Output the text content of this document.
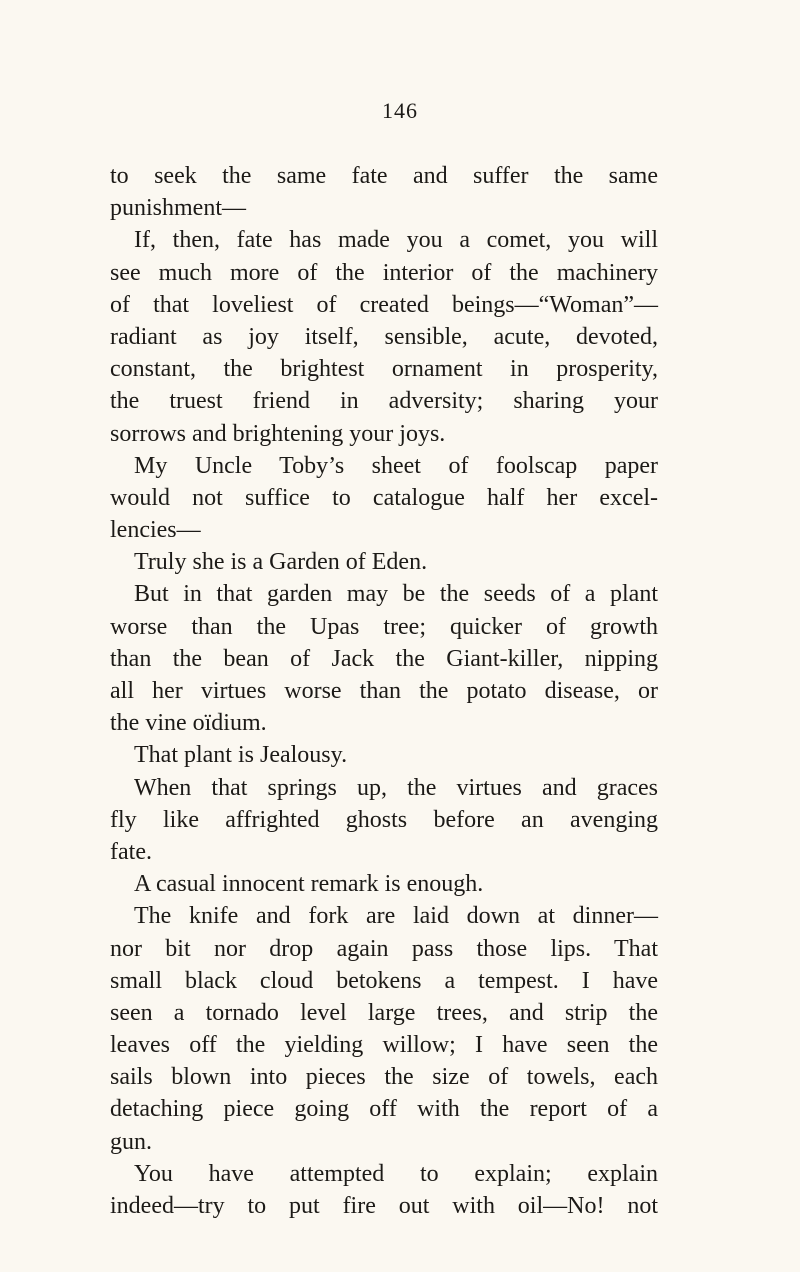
146
to seek the same fate and suffer the same
punishment—
If, then, fate has made you a comet, you will
see much more of the interior of the machinery
of that loveliest of created beings—“Woman”—
radiant as joy itself, sensible, acute, devoted,
constant, the brightest ornament in prosperity,
the truest friend in adversity; sharing your
sorrows and brightening your joys.
My Uncle Toby’s sheet of foolscap paper
would not suffice to catalogue half her excel-
lencies—
Truly she is a Garden of Eden.
But in that garden may be the seeds of a plant
worse than the Upas tree; quicker of growth
than the bean of Jack the Giant-killer, nipping
all her virtues worse than the potato disease, or
the vine oïdium.
That plant is Jealousy.
When that springs up, the virtues and graces
fly like affrighted ghosts before an avenging
fate.
A casual innocent remark is enough.
The knife and fork are laid down at dinner—
nor bit nor drop again pass those lips. That
small black cloud betokens a tempest. I have
seen a tornado level large trees, and strip the
leaves off the yielding willow; I have seen the
sails blown into pieces the size of towels, each
detaching piece going off with the report of a
gun.
You have attempted to explain; explain
indeed—try to put fire out with oil—No! not
